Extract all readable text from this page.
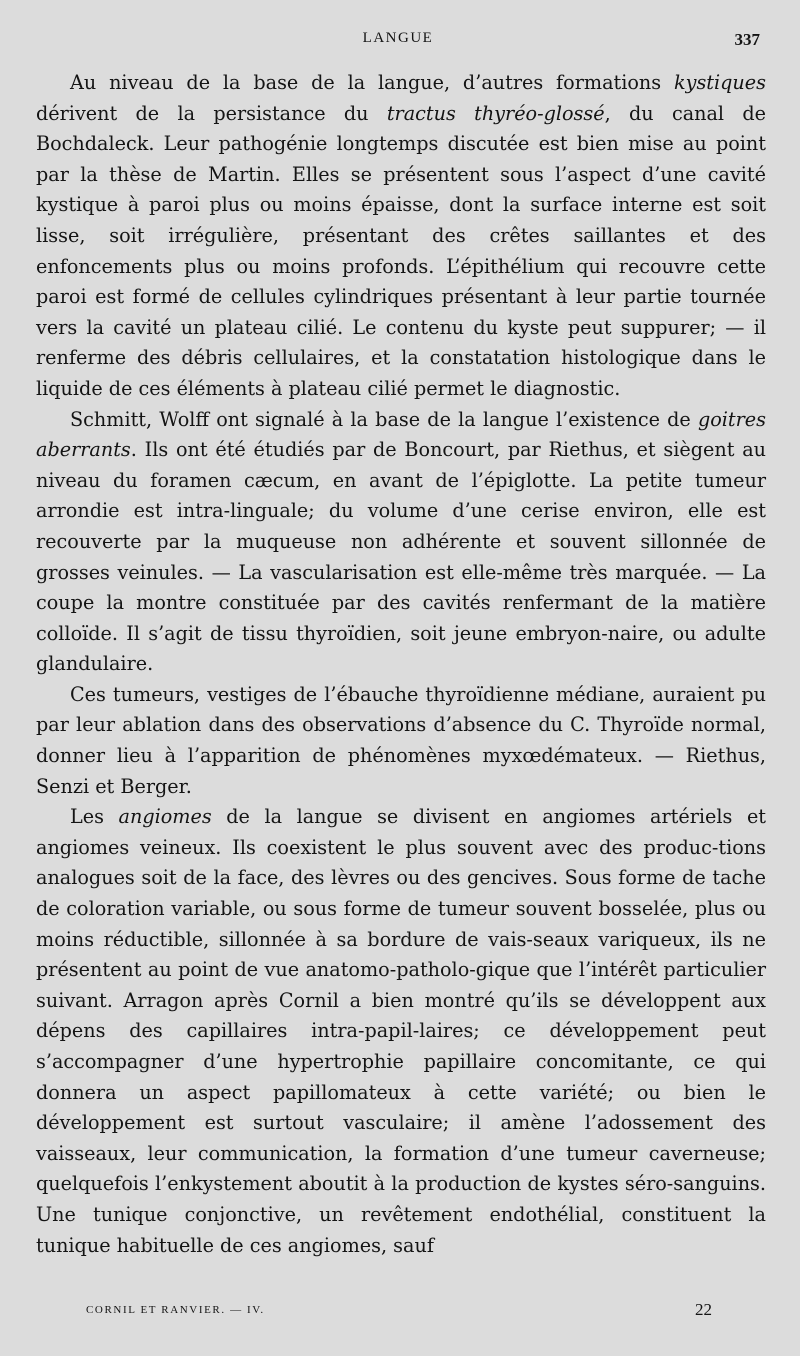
LANGUE	337

Au niveau de la base de la langue, d’autres formations kystiques dérivent de la persistance du tractus thyréo-glossé, du canal de Bochdaleck. Leur pathogénie longtemps discutée est bien mise au point par la thèse de Martin. Elles se présentent sous l’aspect d’une cavité kystique à paroi plus ou moins épaisse, dont la surface interne est soit lisse, soit irrégulière, présentant des crêtes saillantes et des enfoncements plus ou moins profonds. L’épithélium qui recouvre cette paroi est formé de cellules cylindriques présentant à leur partie tournée vers la cavité un plateau cilié. Le contenu du kyste peut suppurer; — il renferme des débris cellulaires, et la constatation histologique dans le liquide de ces éléments à plateau cilié permet le diagnostic.

Schmitt, Wolff ont signalé à la base de la langue l’existence de goitres aberrants. Ils ont été étudiés par de Boncourt, par Riethus, et siègent au niveau du foramen cæcum, en avant de l’épiglotte. La petite tumeur arrondie est intra-linguale; du volume d’une cerise environ, elle est recouverte par la muqueuse non adhérente et souvent sillonnée de grosses veinules. — La vascularisation est elle-même très marquée. — La coupe la montre constituée par des cavités renfermant de la matière colloïde. Il s’agit de tissu thyroïdien, soit jeune embryon-naire, ou adulte glandulaire.

Ces tumeurs, vestiges de l’ébauche thyroïdienne médiane, auraient pu par leur ablation dans des observations d’absence du C. Thyroïde normal, donner lieu à l’apparition de phénomènes myxœdémateux. — Riethus, Senzi et Berger.

Les angiomes de la langue se divisent en angiomes artériels et angiomes veineux. Ils coexistent le plus souvent avec des produc-tions analogues soit de la face, des lèvres ou des gencives. Sous forme de tache de coloration variable, ou sous forme de tumeur souvent bosselée, plus ou moins réductible, sillonnée à sa bordure de vais-seaux variqueux, ils ne présentent au point de vue anatomo-patholo-gique que l’intérêt particulier suivant. Arragon après Cornil a bien montré qu’ils se développent aux dépens des capillaires intra-papil-laires; ce développement peut s’accompagner d’une hypertrophie papillaire concomitante, ce qui donnera un aspect papillomateux à cette variété; ou bien le développement est surtout vasculaire; il amène l’adossement des vaisseaux, leur communication, la formation d’une tumeur caverneuse; quelquefois l’enkystement aboutit à la production de kystes séro-sanguins. Une tunique conjonctive, un revêtement endothélial, constituent la tunique habituelle de ces angiomes, sauf

CORNIL ET RANVIER. — IV.	22
